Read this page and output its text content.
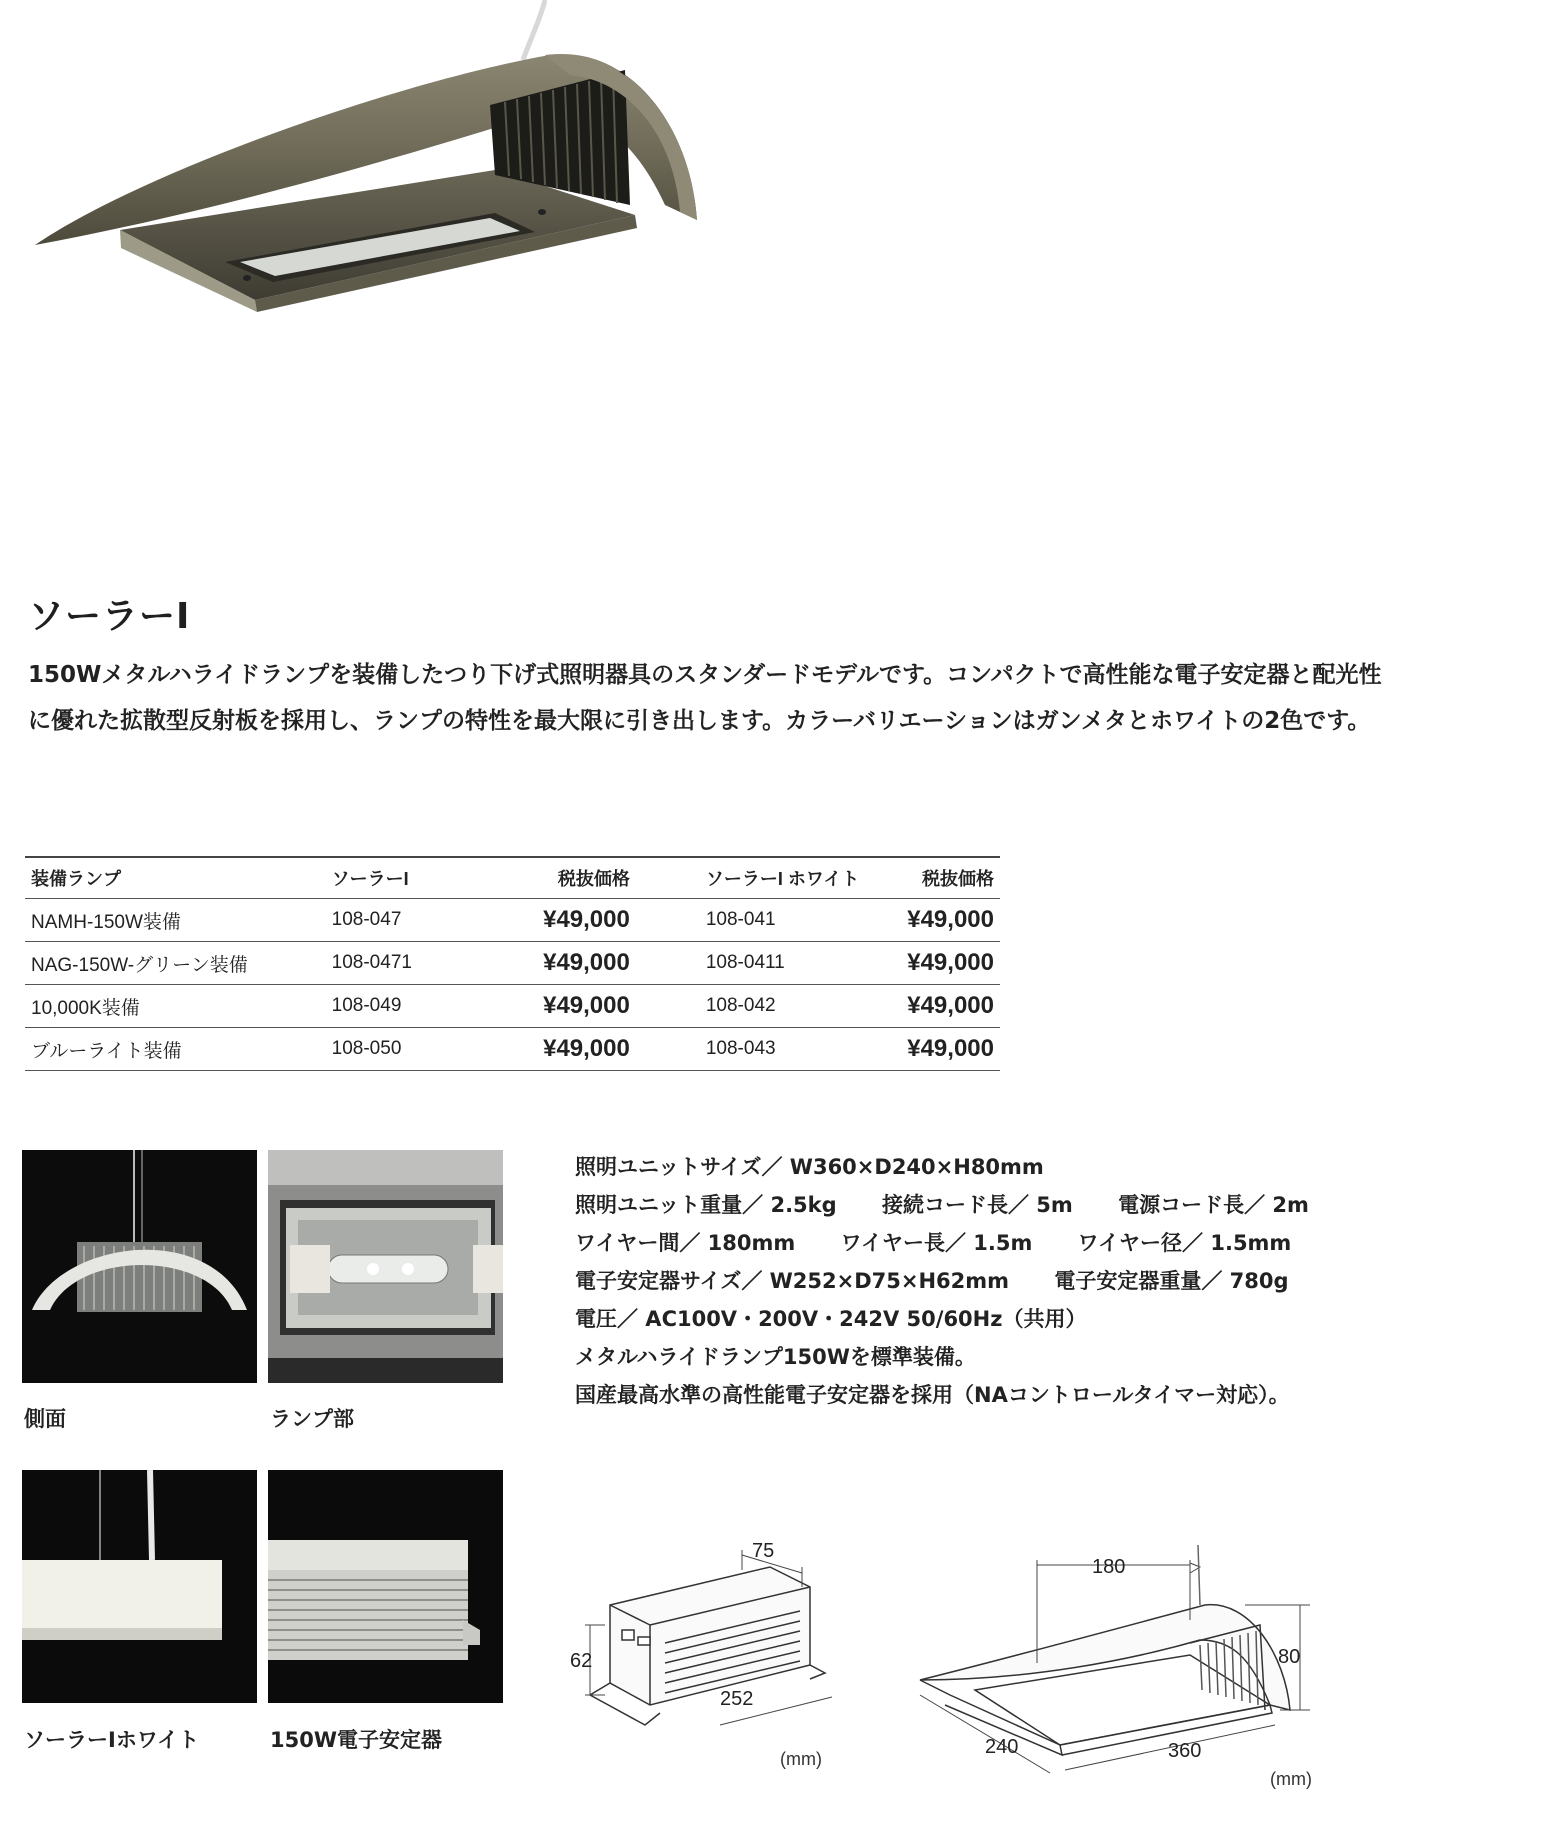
ソーラーI

150Wメタルハライドランプを装備したつり下げ式照明器具のスタンダードモデルです。コンパクトで高性能な電子安定器と配光性

に優れた拡散型反射板を採用し、ランプの特性を最大限に引き出します。カラーバリエーションはガンメタとホワイトの2色です。

装備ランプ	ソーラーI	税抜価格	ソーラーI ホワイト	税抜価格
NAMH-150W装備	108-047	¥49,000	108-041	¥49,000
NAG-150W-グリーン装備	108-0471	¥49,000	108-0411	¥49,000
10,000K装備	108-049	¥49,000	108-042	¥49,000
ブルーライト装備	108-050	¥49,000	108-043	¥49,000
側面	ランプ部
ソーラーIホワイト	150W電子安定器
照明ユニットサイズ／ W360×D240×H80mm
照明ユニット重量／ 2.5kg 接続コード長／ 5m 電源コード長／ 2m
ワイヤー間／ 180mm ワイヤー長／ 1.5m ワイヤー径／ 1.5mm
電子安定器サイズ／ W252×D75×H62mm 電子安定器重量／ 780g
電圧／ AC100V・200V・242V 50/60Hz（共用）
メタルハライドランプ150Wを標準装備。
国産最高水準の高性能電子安定器を採用（NAコントロールタイマー対応）。
75
62
252
(mm)
180
80
240	360
(mm)
